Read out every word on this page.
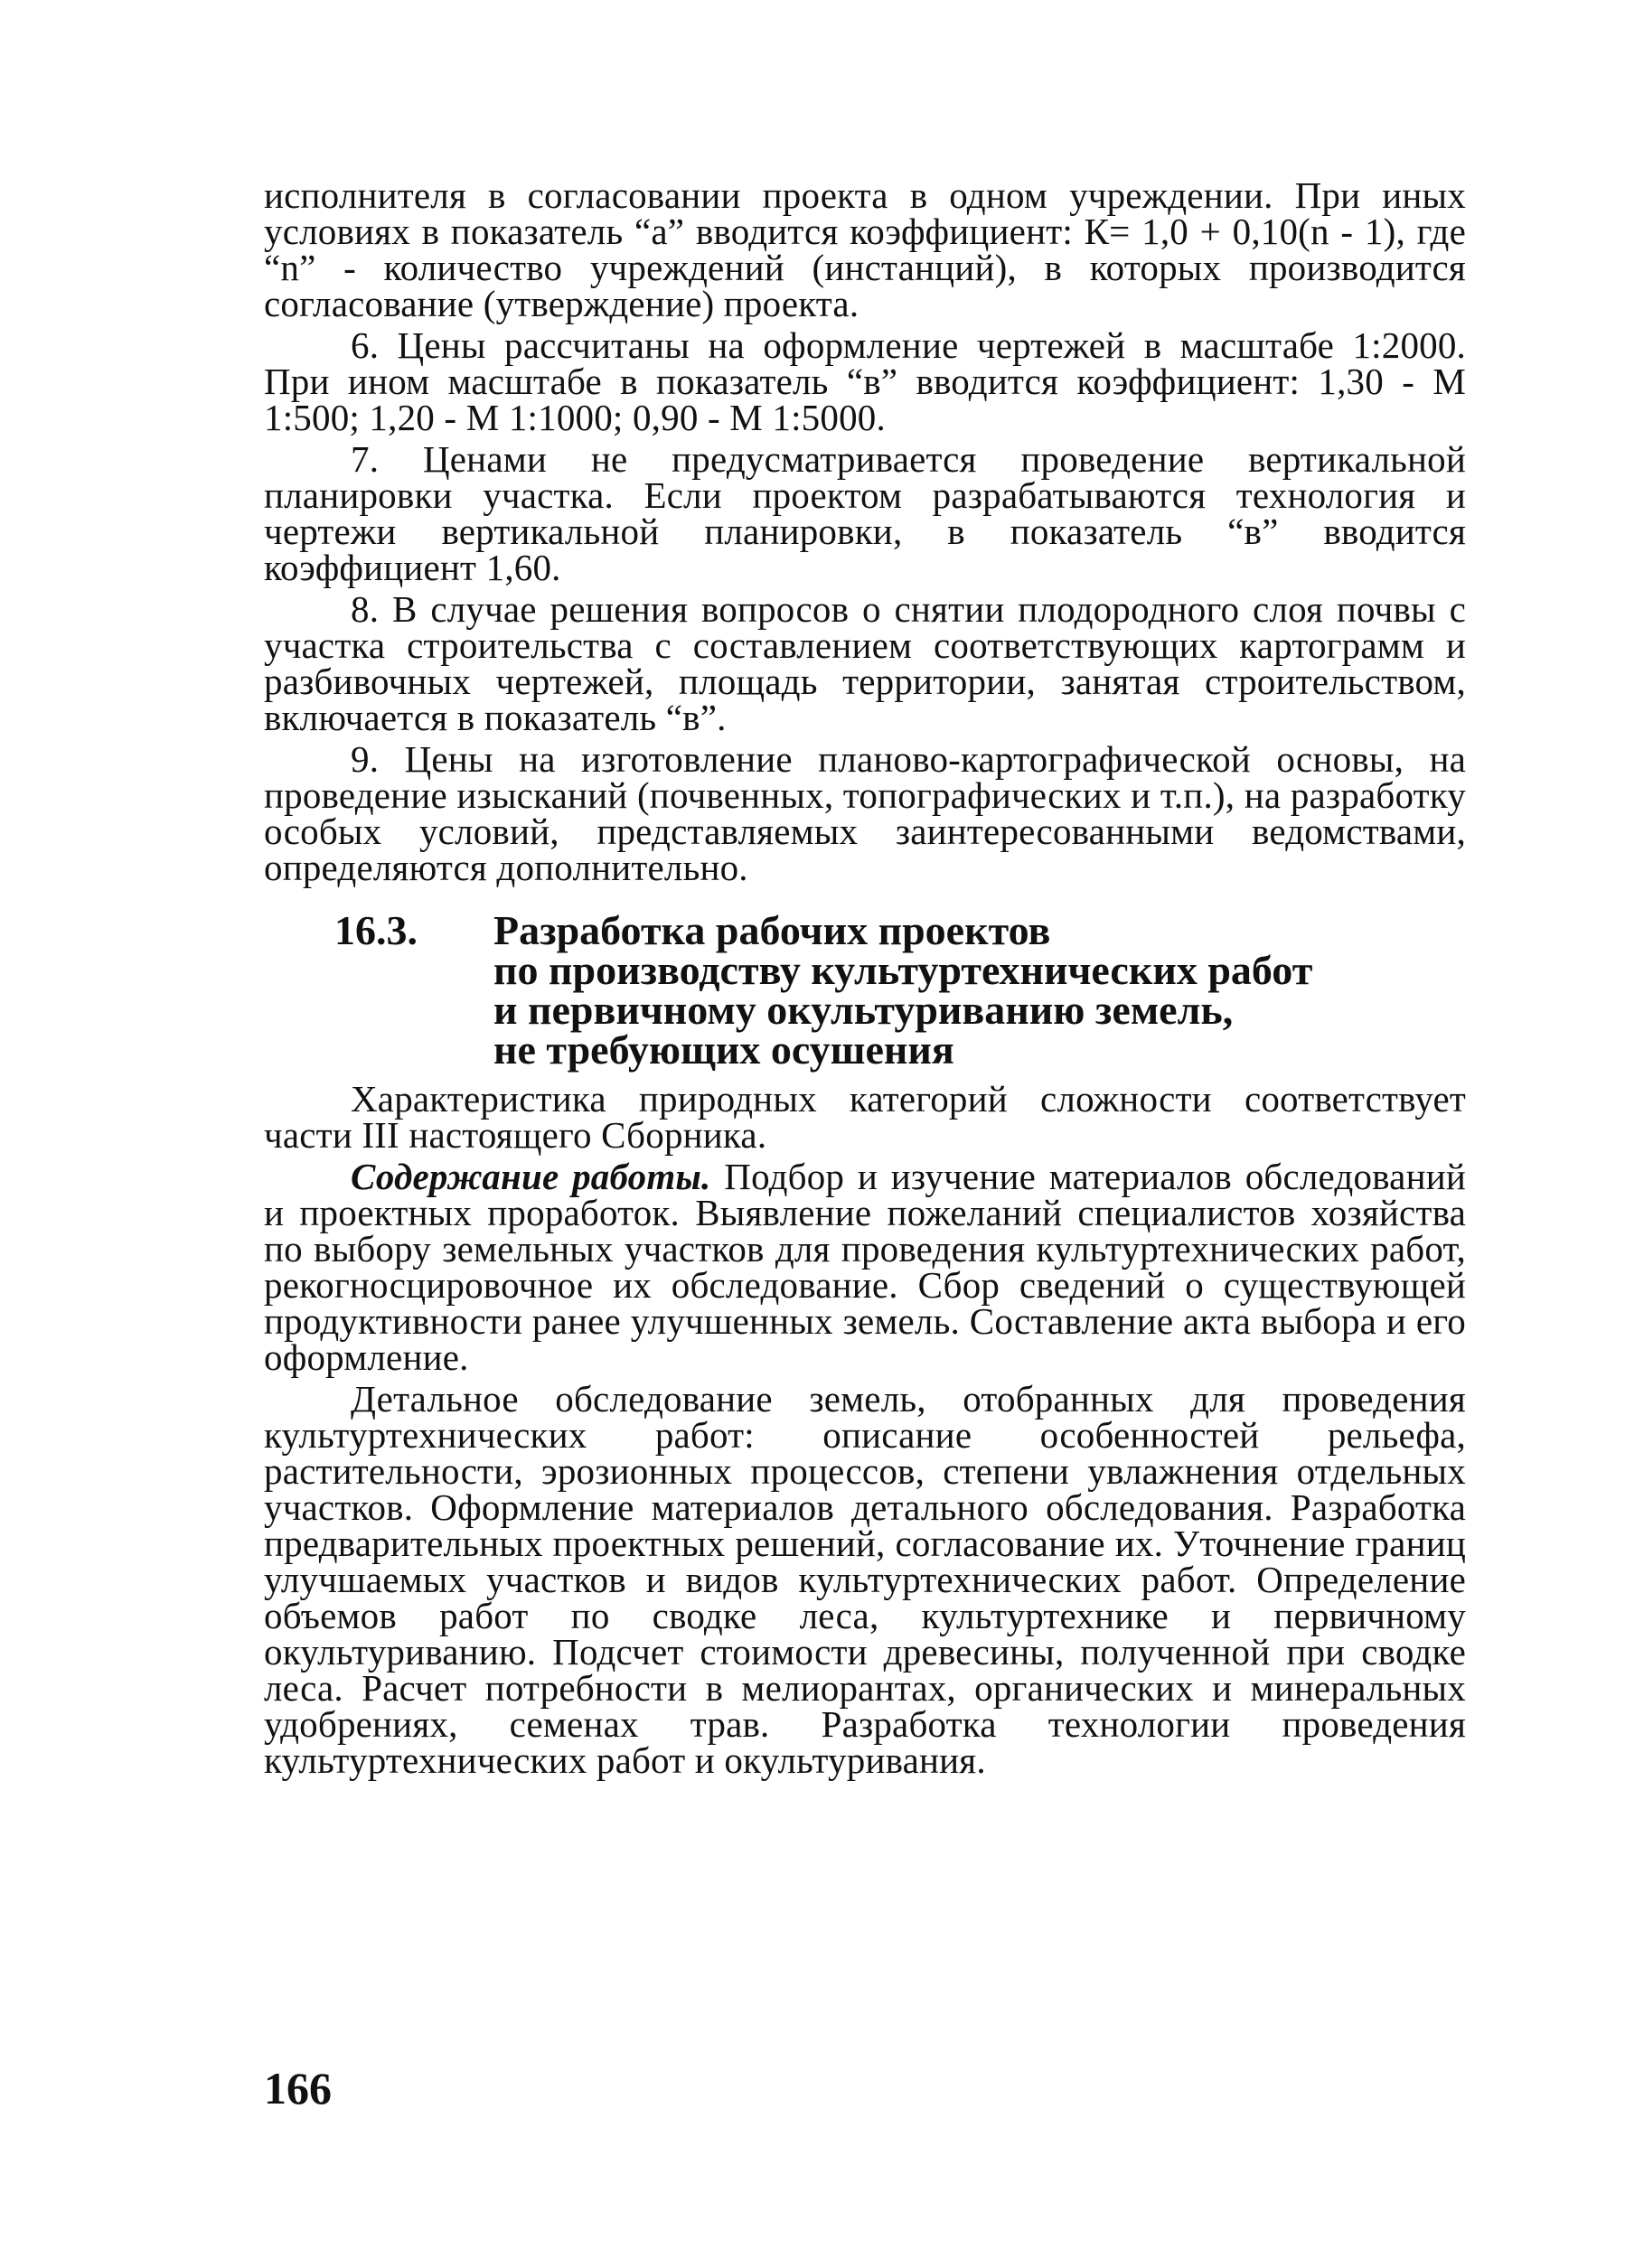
исполнителя в согласовании проекта в одном учреждении. При иных условиях в показатель “а” вводится коэффициент: К= 1,0 + 0,10(n - 1), где “n” - количество учреждений (инстанций), в которых производится согласование (утверждение) проекта.

6. Цены рассчитаны на оформление чертежей в масштабе 1:2000. При ином масштабе в показатель “в” вводится коэффициент: 1,30 - М 1:500; 1,20 - М 1:1000; 0,90 - М 1:5000.

7. Ценами не предусматривается проведение вертикальной планировки участка. Если проектом разрабатываются технология и чертежи вертикальной планировки, в показатель “в” вводится коэффициент 1,60.

8. В случае решения вопросов о снятии плодородного слоя почвы с участка строительства с составлением соответствующих картограмм и разбивочных чертежей, площадь территории, занятая строительством, включается в показатель “в”.

9. Цены на изготовление планово-картографической основы, на проведение изысканий (почвенных, топографических и т.п.), на разработку особых условий, представляемых заинтересованными ведомствами, определяются дополнительно.

16.3.	Разработка рабочих проектов
по производству культуртехнических работ
и первичному окультуриванию земель,
не требующих осушения

Характеристика природных категорий сложности соответствует части III настоящего Сборника.

Содержание работы. Подбор и изучение материалов обследований и проектных проработок. Выявление пожеланий специалистов хозяйства по выбору земельных участков для проведения культуртехнических работ, рекогносцировочное их обследование. Сбор сведений о существующей продуктивности ранее улучшенных земель. Составление акта выбора и его оформление.

Детальное обследование земель, отобранных для проведения культуртехнических работ: описание особенностей рельефа, растительности, эрозионных процессов, степени увлажнения отдельных участков. Оформление материалов детального обследования. Разработка предварительных проектных решений, согласование их. Уточнение границ улучшаемых участков и видов культуртехнических работ. Определение объемов работ по сводке леса, культуртехнике и первичному окультуриванию. Подсчет стоимости древесины, полученной при сводке леса. Расчет потребности в мелиорантах, органических и минеральных удобрениях, семенах трав. Разработка технологии проведения культуртехнических работ и окультуривания.

166
